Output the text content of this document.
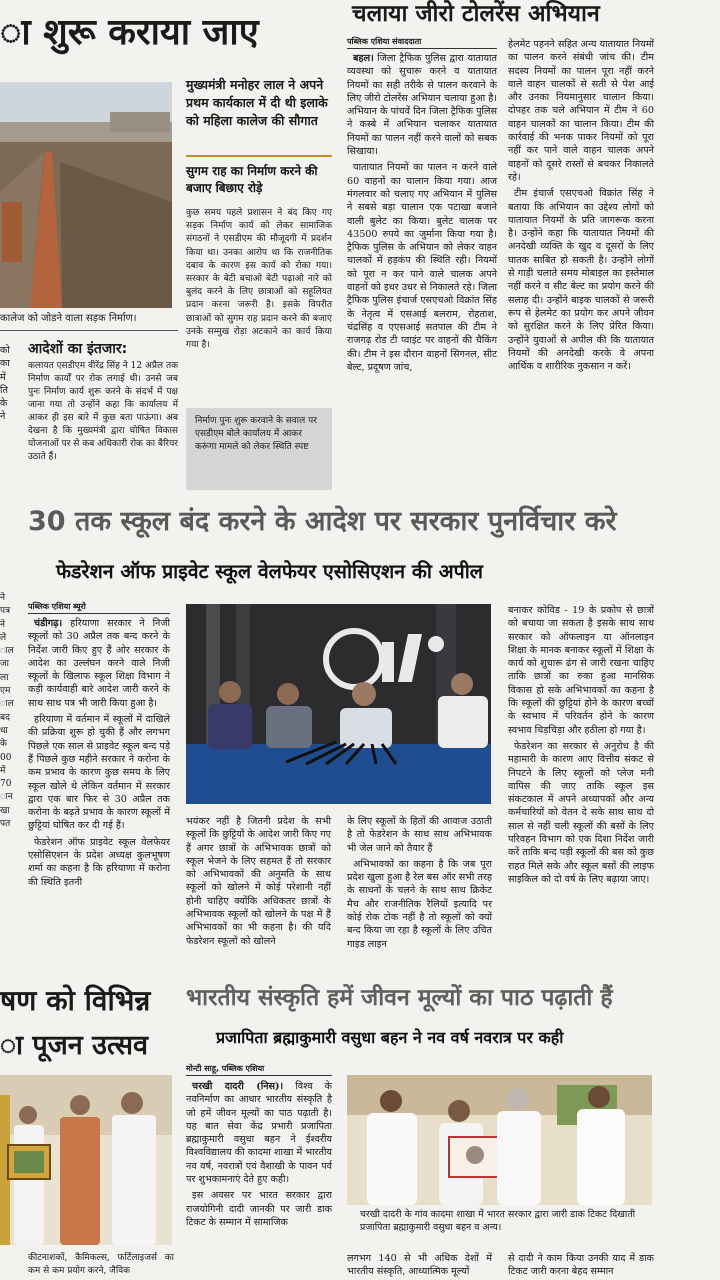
ा शुरू कराया जाए
कालेज को जोडने वाला सड़क निर्माण।
को
का
में
ति
के
ने
आदेशों का इंतजार:
कलायत एसडीएम वीरेंद्र सिंह ने 12 अप्रैल तक निर्माण कार्यों पर रोक लगाई थी। उनसे जब पुनः निर्माण कार्य शुरू करने के संदर्भ में पक्ष जाना गया तो उन्होंने कहा कि कार्यालय में आकर ही इस बारे में कुछ बता पाऊंगा। अब देखना है कि मुख्यमंत्री द्वारा घोषित विकास योजनाओं पर से कब अधिकारी रोक का बैरियर उठाते हैं।
मुख्यमंत्री मनोहर लाल ने अपने प्रथम कार्यकाल में दी थी इलाके को महिला कालेज की सौगात
सुगम राह का निर्माण करने की बजाए बिछाए रोड़े
कुछ समय पहले प्रशासन ने बंद किए गए सड़क निर्माण कार्य को लेकर सामाजिक संगठनों ने एसडीएम की मौजूदगी में प्रदर्शन किया था। उनका आरोप था कि राजनीतिक दबाव के कारण इस कार्य को रोका गया। सरकार के बेटी बचाओ बेटी पढ़ाओ नारे को बुलंद करने के लिए छात्राओं को सहूलियत प्रदान करना जरूरी है। इसके विपरीत छात्राओं को सुगम राह प्रदान करने की बजाए उनके सम्मुख रोड़ा अटकाने का कार्य किया गया है।
निर्माण पुनः शुरू करवाने के सवाल पर एसडीएम बोले कार्यालय में आकर करूंगा मामले को लेकर स्थिति स्पष्ट
चलाया जीरो टोलरेंस अभियान
पब्लिक एशिया संवाददाता

बहल। जिला ट्रैफिक पुलिस द्वारा यातायात व्यवस्था को सुचारू करने व यातायात नियमों का सही तरीके से पालन करवाने के लिए जीरो टोलरेंस अभियान चलाया हुआ है। अभियान के पांचवें दिन जिला ट्रैफिक पुलिस ने कस्बे में अभियान चलाकर यातायात नियमों का पालन नहीं करने वालों को सबक सिखाया।

यातायात नियमों का पालन न करने वाले 60 वाहनों का चालान किया गया। आज मंगलवार को चलाए गए अभियान में पुलिस ने सबसे बड़ा चालान एक पटाखा बजाने वाली बुलेट का किया। बुलेट चालक पर 43500 रुपये का जुर्माना किया गया है। ट्रैफिक पुलिस के अभियान को लेकर वाहन चालकों में हड़कंप की स्थिति रही। नियमों को पूरा न कर पाने वाले चालक अपने वाहनों को इधर उधर से निकालते रहे। जिला ट्रैफिक पुलिस इंचार्ज एसएचओ विक्रांत सिंह के नेतृत्व में एसआई बलराम, रोहताश, चंद्रसिंह व एएसआई सतपाल की टीम ने राजगढ़ रोड टी प्वाइंट पर वाहनों की चैकिंग की। टीम ने इस दौरान वाहनों सिगनल, सीट बेल्ट, प्रदूषण जांच,

हेलमेट पहनने सहित अन्य यातायात नियमों का पालन करने संबंधी जांच की। टीम सदस्य नियमों का पालन पूरा नहीं करने वाले वाहन चालकों से सती से पेश आई और उनका नियमानुसार चालान किया। दोपहर तक चले अभियान में टीम ने 60 वाहन चालकों का चालान किया। टीम की कार्रवाई की भनक पाकर नियमों को पूरा नहीं कर पाने वाले वाहन चालक अपने वाहनों को दूसरे रास्तों से बचकर निकालते रहे।

टीम इंचार्ज एसएचओ विक्रांत सिंह ने बताया कि अभियान का उद्देश्य लोगों को यातायात नियमों के प्रति जागरूक करना है। उन्होंने कहा कि यातायात नियमों की अनदेखी व्यक्ति के खुद व दूसरों के लिए घातक साबित हो सकती है। उन्होंने लोगों से गाड़ी चलाते समय मोबाइल का इस्तेमाल नहीं करने व सीट बेल्ट का प्रयोग करने की सलाह दी। उन्होंने बाइक चालकों से जरूरी रूप से हेलमेट का प्रयोग कर अपने जीवन को सुरक्षित करने के लिए प्रेरित किया। उन्होंने युवाओं से अपील की कि यातायात नियमों की अनदेखी करके वे अपना आर्थिक व शारीरिक नुकसान न करें।

30 तक स्कूल बंद करने के आदेश पर सरकार पुनर्विचार करे
फेडरेशन ऑफ प्राइवेट स्कूल वेलफेयर एसोसिएशन की अपील
ने
पत्र
ने
ले
ाल
जा
ला
एम
ाल
बद
धा
के
00
में
70
ान
खा
पत
पब्लिक एशिया ब्यूरो

चंडीगढ़। हरियाणा सरकार ने निजी स्कूलों को 30 अप्रैल तक बन्द करने के निर्देश जारी किए हुए हैं ओर सरकार के आदेश का उल्लंघन करने वाले निजी स्कूलों के खिलाफ स्कूल शिक्षा विभाग ने कड़ी कार्यवाही बारे आदेश जारी करने के साथ साथ पत्र भी जारी किया हुआ है।

हरियाणा में वर्तमान में स्कूलों में दाखिले की प्रक्रिया शुरू हो चुकी हैं और लगभग पिछले एक साल से प्राइवेट स्कूल बन्द पड़े हैं पिछले कुछ महीने सरकार ने करोना के कम प्रभाव के कारण कुछ समय के लिए स्कूल खोले थे लेकिन वर्तमान में सरकार द्वारा एक बार फिर से 30 अप्रैल तक करोना के बढ़ते प्रभाव के कारण स्कूलों में छुट्टियां घोषित कर दी गई हैं।

फेडरेशन ऑफ प्राइवेट स्कूल वेलफेयर एसोसिएशन के प्रदेश अध्यक्ष कुलभूषण शर्मा का कहना है कि हरियाणा में करोना की स्थिति इतनी

भयंकर नहीं है जितनी प्रदेश के सभी स्कूलों कि छुट्टियों के आदेश जारी किए गए हैं अगर छात्रों के अभिभावक छात्रों को स्कूल भेजने के लिए सहमत हैं तो सरकार को अभिभावकों की अनुमति के साथ स्कूलों को खोलने में कोई परेशानी नहीं होनी चाहिए क्योंकि अधिकतर छात्रों के अभिभावक स्कूलों को खोलने के पक्ष में हैं अभिभावकों का भी कहना है। की यदि फेडरेशन स्कूलों को खोलने

के लिए स्कूलों के हितों की आवाज उठाती है तो फेडरेशन के साथ साथ अभिभावक भी जेल जाने को तैयार हैं

अभिभावकों का कहना है कि जब पूरा प्रदेश खुला हुआ है रेल बस ऑर सभी तरह के साधनों के चलने के साथ साथ क्रिकेट मैच और राजनीतिक रैलियों इत्यादि पर कोई रोक टोक नहीं है तो स्कूलों को क्यों बन्द किया जा रहा है स्कूलों के लिए उचित गाइड लाइन

बनाकर कोविड - 19 के प्रकोप से छात्रों को बचाया जा सकता है इसके साथ साथ सरकार को ऑफलाइन या ऑनलाइन शिक्षा के मानक बनाकर स्कूलों में शिक्षा के कार्य को शुचारू ढंग से जारी रखना चाहिए ताकि छात्रों का रुका हुआ मानसिक विकास हो सके अभिभावकों का कहना है कि स्कूलों की छुट्टियां होने के कारण बच्चों के स्वभाव में परिवर्तन होने के कारण स्वभाव चिड़चिड़ा और हठीला हो गया है।

फेडरेशन का सरकार से अनुरोध है की महामारी के कारण आए वित्तीय संकट से निपटने के लिए स्कूलों को प्लेज मनी वापिस की जाए ताकि स्कूल इस संकटकाल में अपने अध्यापकों और अन्य कर्मचारियों को वेतन दे सके साथ साथ दो साल से नहीं चली स्कूलों की बसों के लिए परिवहन विभाग को एक दिशा निर्देश जारी करें ताकि बन्द पड़ी स्कूलों की बस को कुछ राहत मिले सके और स्कूल बसों की लाइफ साइकिल को दो वर्ष के लिए बढ़ाया जाए।

षण को विभिन्न
ा पूजन उत्सव
कीटनाशकों, कैमिकल्स, फर्टिलाइजर्स का कम से कम प्रयोग करने, जैविक
भारतीय संस्कृति हमें जीवन मूल्यों का पाठ पढ़ाती हैं
प्रजापिता ब्रह्माकुमारी वसुधा बहन ने नव वर्ष नवरात्र पर कही
मोन्टी साहू, पब्लिक एशिया

चरखी दादरी (निस)। विश्व के नवनिर्माण का आधार भारतीय संस्कृति है जो हमें जीवन मूल्यों का पाठ पढ़ाती है। यह बात सेवा केंद्र प्रभारी प्रजापिता ब्रह्माकुमारी वसुधा बहन ने ईश्वरीय विश्वविद्यालय की कादमा शाखा में भारतीय नव वर्ष, नवरात्रों एवं वैशाखी के पावन पर्व पर शुभकामनाएं देते हुए कही।

इस अवसर पर भारत सरकार द्वारा राजयोगिनी दादी जानकी पर जारी डाक टिकट के सम्मान में सामाजिक

चरखी दादरी के गांव कादमा शाखा में भारत सरकार द्वारा जारी डाक टिकट दिखाती प्रजापिता ब्रह्माकुमारी वसुधा बहन व अन्य।
लगभग 140 से भी अधिक देशों में भारतीय संस्कृति, आध्यात्मिक मूल्यों
से दादी ने काम किया उनकी याद में डाक टिकट जारी करना बेहद सम्मान
